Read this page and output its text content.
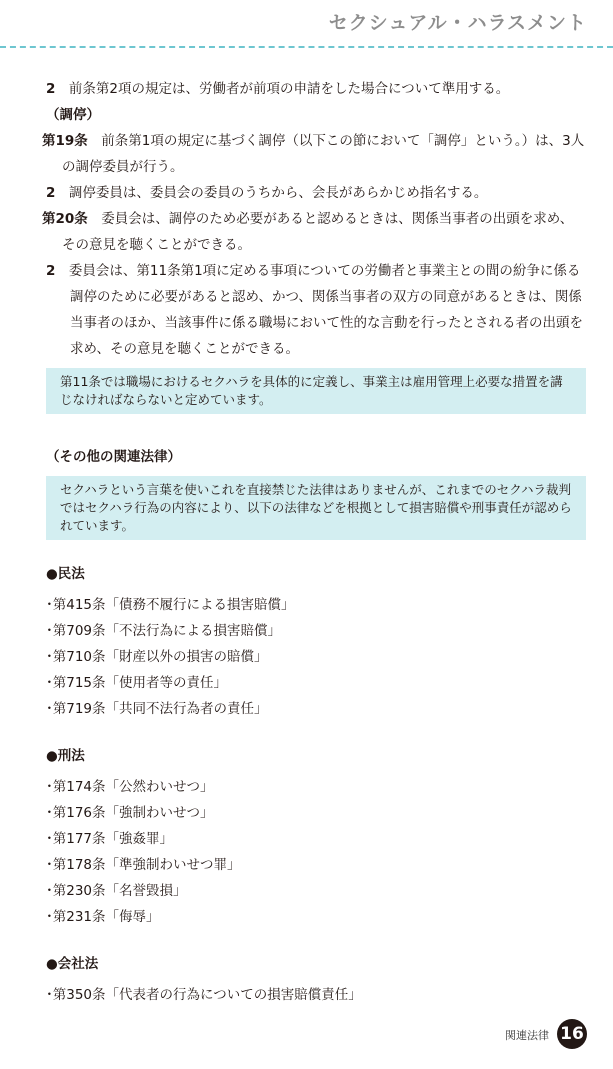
セクシュアル・ハラスメント

2　 前条第2項の規定は、労働者が前項の申請をした場合について準用する。

（調停）

第19条　 前条第1項の規定に基づく調停（以下この節において「調停」という。）は、3人の調停委員が行う。

2　 調停委員は、委員会の委員のうちから、会長があらかじめ指名する。

第20条　 委員会は、調停のため必要があると認めるときは、関係当事者の出頭を求め、その意見を聴くことができる。

2　 委員会は、第11条第1項に定める事項についての労働者と事業主との間の紛争に係る調停のために必要があると認め、かつ、関係当事者の双方の同意があるときは、関係当事者のほか、当該事件に係る職場において性的な言動を行ったとされる者の出頭を求め、その意見を聴くことができる。

第11条では職場におけるセクハラを具体的に定義し、事業主は雇用管理上必要な措置を講じなければならないと定めています。

（その他の関連法律）

セクハラという言葉を使いこれを直接禁じた法律はありませんが、これまでのセクハラ裁判ではセクハラ行為の内容により、以下の法律などを根拠として損害賠償や刑事責任が認められています。
●民法

･第415条「債務不履行による損害賠償」

･第709条「不法行為による損害賠償」

･第710条「財産以外の損害の賠償」

･第715条「使用者等の責任」

･第719条「共同不法行為者の責任」

●刑法

･第174条「公然わいせつ」

･第176条「強制わいせつ」

･第177条「強姦罪」

･第178条「準強制わいせつ罪」

･第230条「名誉毀損」

･第231条「侮辱」

●会社法

･第350条「代表者の行為についての損害賠償責任」

関連法律 16
